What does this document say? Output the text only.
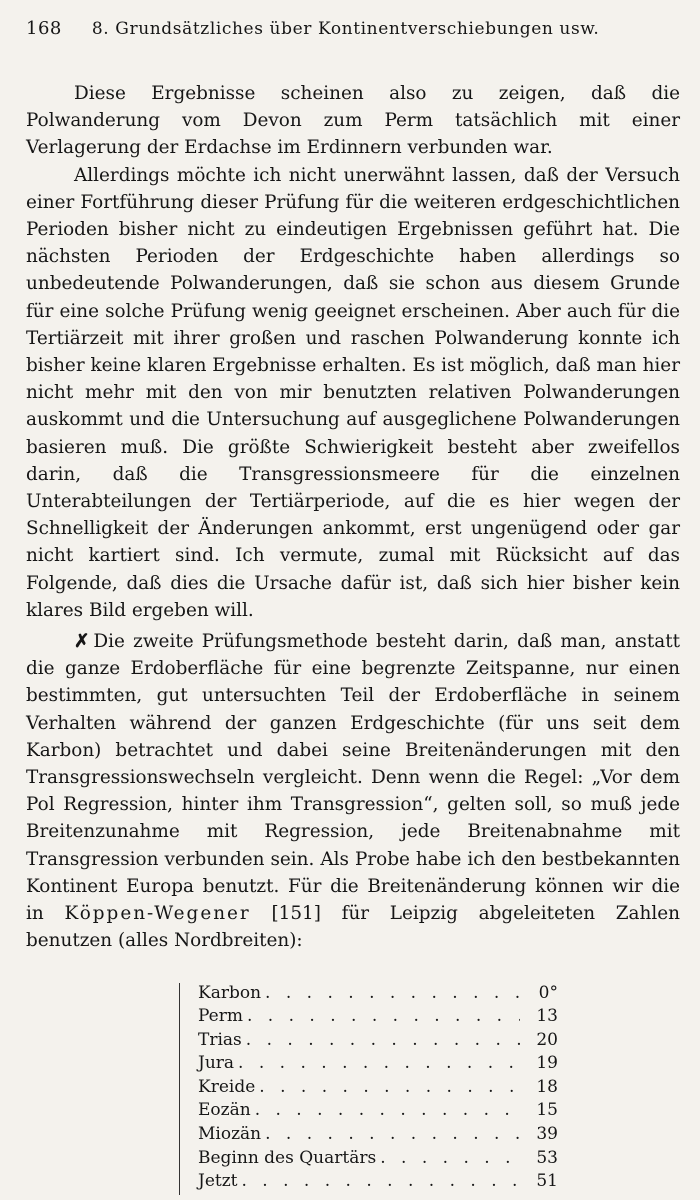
168 8. Grundsätzliches über Kontinentverschiebungen usw.

Diese Ergebnisse scheinen also zu zeigen, daß die Polwanderung vom Devon zum Perm tatsächlich mit einer Verlagerung der Erdachse im Erdinnern verbunden war.

Allerdings möchte ich nicht unerwähnt lassen, daß der Versuch einer Fortführung dieser Prüfung für die weiteren erdgeschichtlichen Perioden bisher nicht zu eindeutigen Ergebnissen geführt hat. Die nächsten Perioden der Erdgeschichte haben allerdings so unbedeutende Polwanderungen, daß sie schon aus diesem Grunde für eine solche Prüfung wenig geeignet erscheinen. Aber auch für die Tertiärzeit mit ihrer großen und raschen Polwanderung konnte ich bisher keine klaren Ergebnisse erhalten. Es ist möglich, daß man hier nicht mehr mit den von mir benutzten relativen Polwanderungen auskommt und die Untersuchung auf ausgeglichene Polwanderungen basieren muß. Die größte Schwierigkeit besteht aber zweifellos darin, daß die Transgressionsmeere für die einzelnen Unterabteilungen der Tertiärperiode, auf die es hier wegen der Schnelligkeit der Änderungen ankommt, erst ungenügend oder gar nicht kartiert sind. Ich vermute, zumal mit Rücksicht auf das Folgende, daß dies die Ursache dafür ist, daß sich hier bisher kein klares Bild ergeben will.

✗ Die zweite Prüfungsmethode besteht darin, daß man, anstatt die ganze Erdoberfläche für eine begrenzte Zeitspanne, nur einen bestimmten, gut untersuchten Teil der Erdoberfläche in seinem Verhalten während der ganzen Erdgeschichte (für uns seit dem Karbon) betrachtet und dabei seine Breitenänderungen mit den Transgressionswechseln vergleicht. Denn wenn die Regel: „Vor dem Pol Regression, hinter ihm Transgression“, gelten soll, so muß jede Breitenzunahme mit Regression, jede Breitenabnahme mit Transgression verbunden sein. Als Probe habe ich den bestbekannten Kontinent Europa benutzt. Für die Breitenänderung können wir die in Köppen-Wegener [151] für Leipzig abgeleiteten Zahlen benutzen (alles Nordbreiten):

Karbon . . .	0°
Perm . . .	13
Trias . . .	20
Jura . . .	19
Kreide . . .	18
Eozän . . .	15
Miozän . . .	39
Beginn des Quartärs . . .	53
Jetzt . . .	51
